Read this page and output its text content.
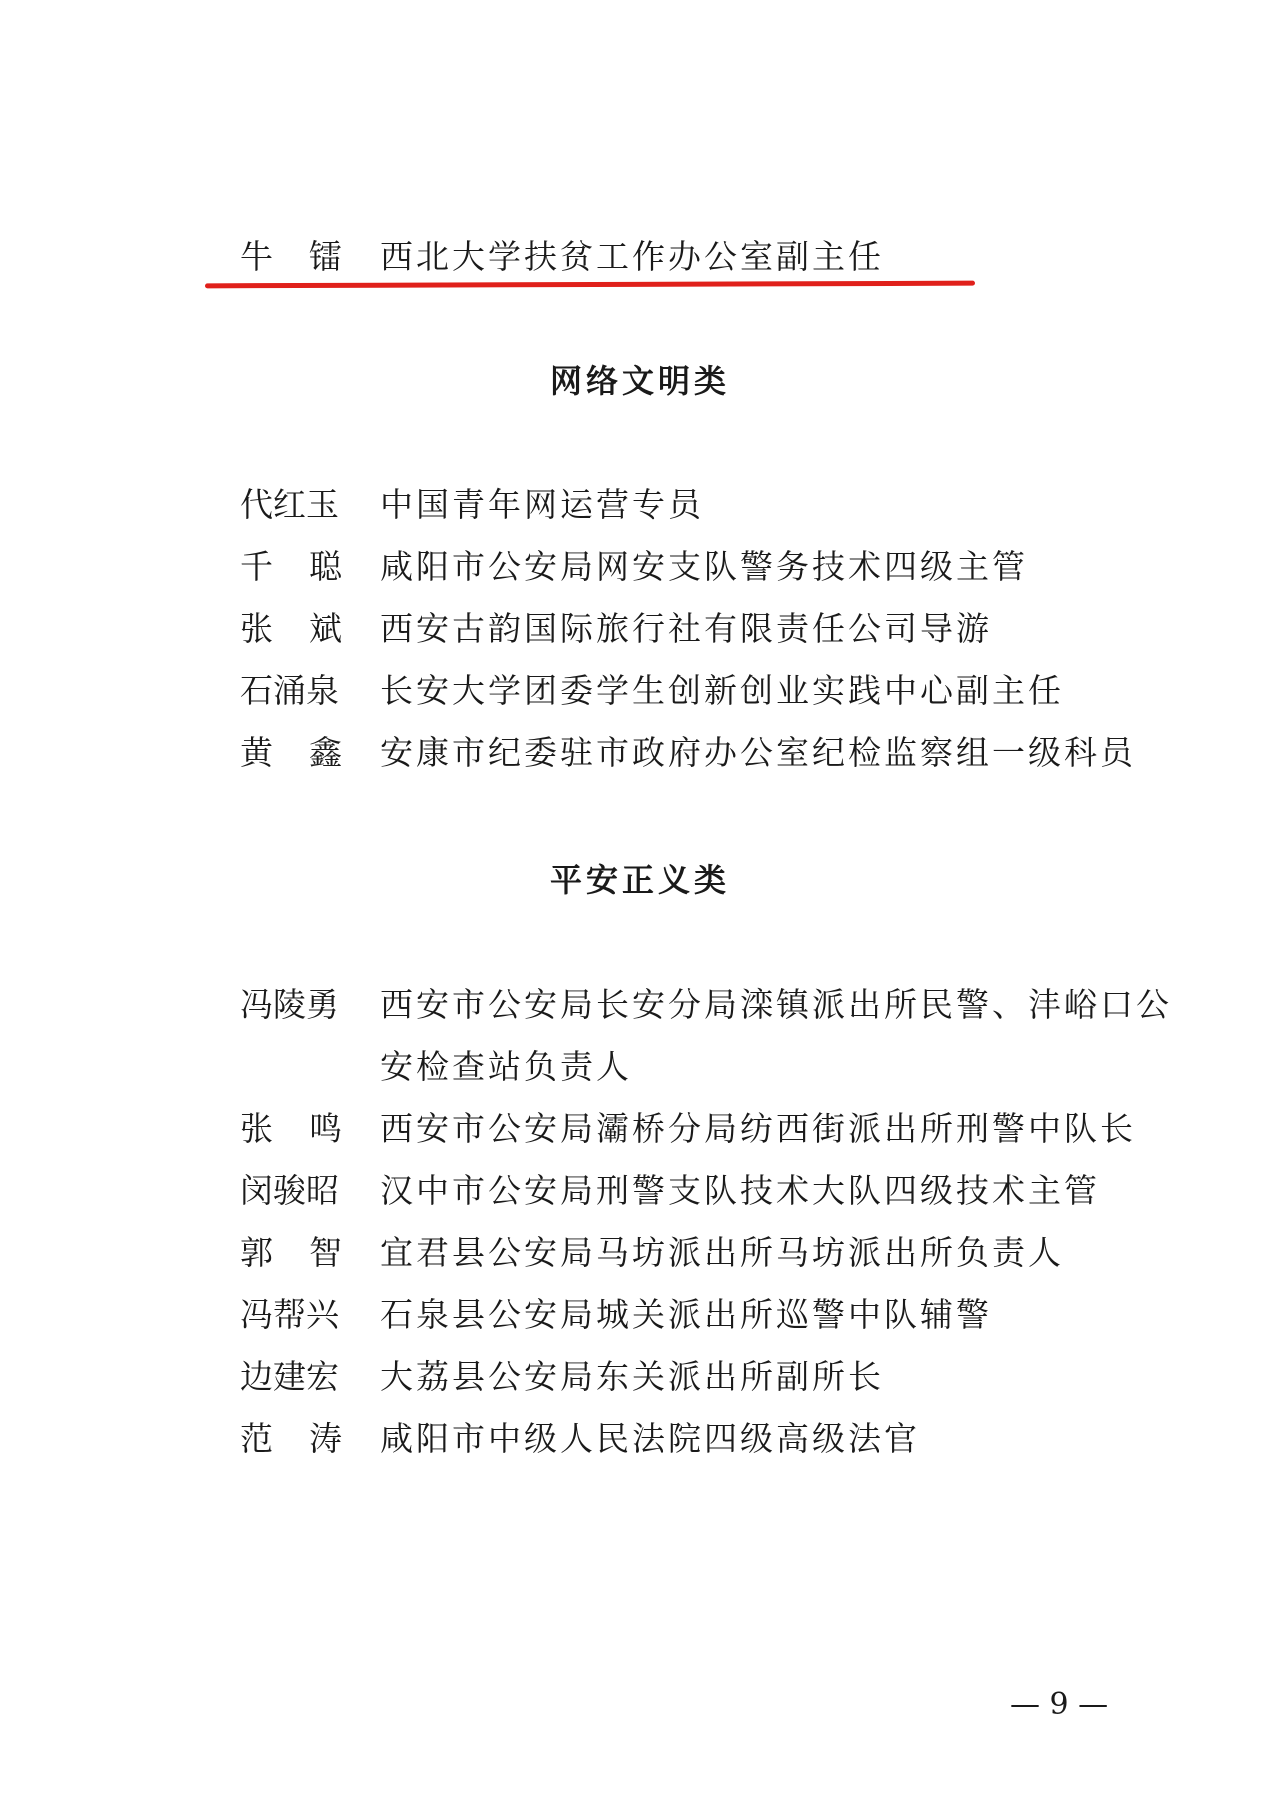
牛镭西北大学扶贫工作办公室副主任
网络文明类
代红玉 中国青年网运营专员
千聪咸阳市公安局网安支队警务技术四级主管
张斌西安古韵国际旅行社有限责任公司导游
石涌泉 长安大学团委学生创新创业实践中心副主任
黄鑫安康市纪委驻市政府办公室纪检监察组一级科员
平安正义类
冯陵勇 西安市公安局长安分局滦镇派出所民警、沣峪口公
安检查站负责人
张鸣西安市公安局灞桥分局纺西街派出所刑警中队长
闵骏昭 汉中市公安局刑警支队技术大队四级技术主管
郭智宜君县公安局马坊派出所马坊派出所负责人
冯帮兴 石泉县公安局城关派出所巡警中队辅警
边建宏 大荔县公安局东关派出所副所长
范涛咸阳市中级人民法院四级高级法官
— 9 —
